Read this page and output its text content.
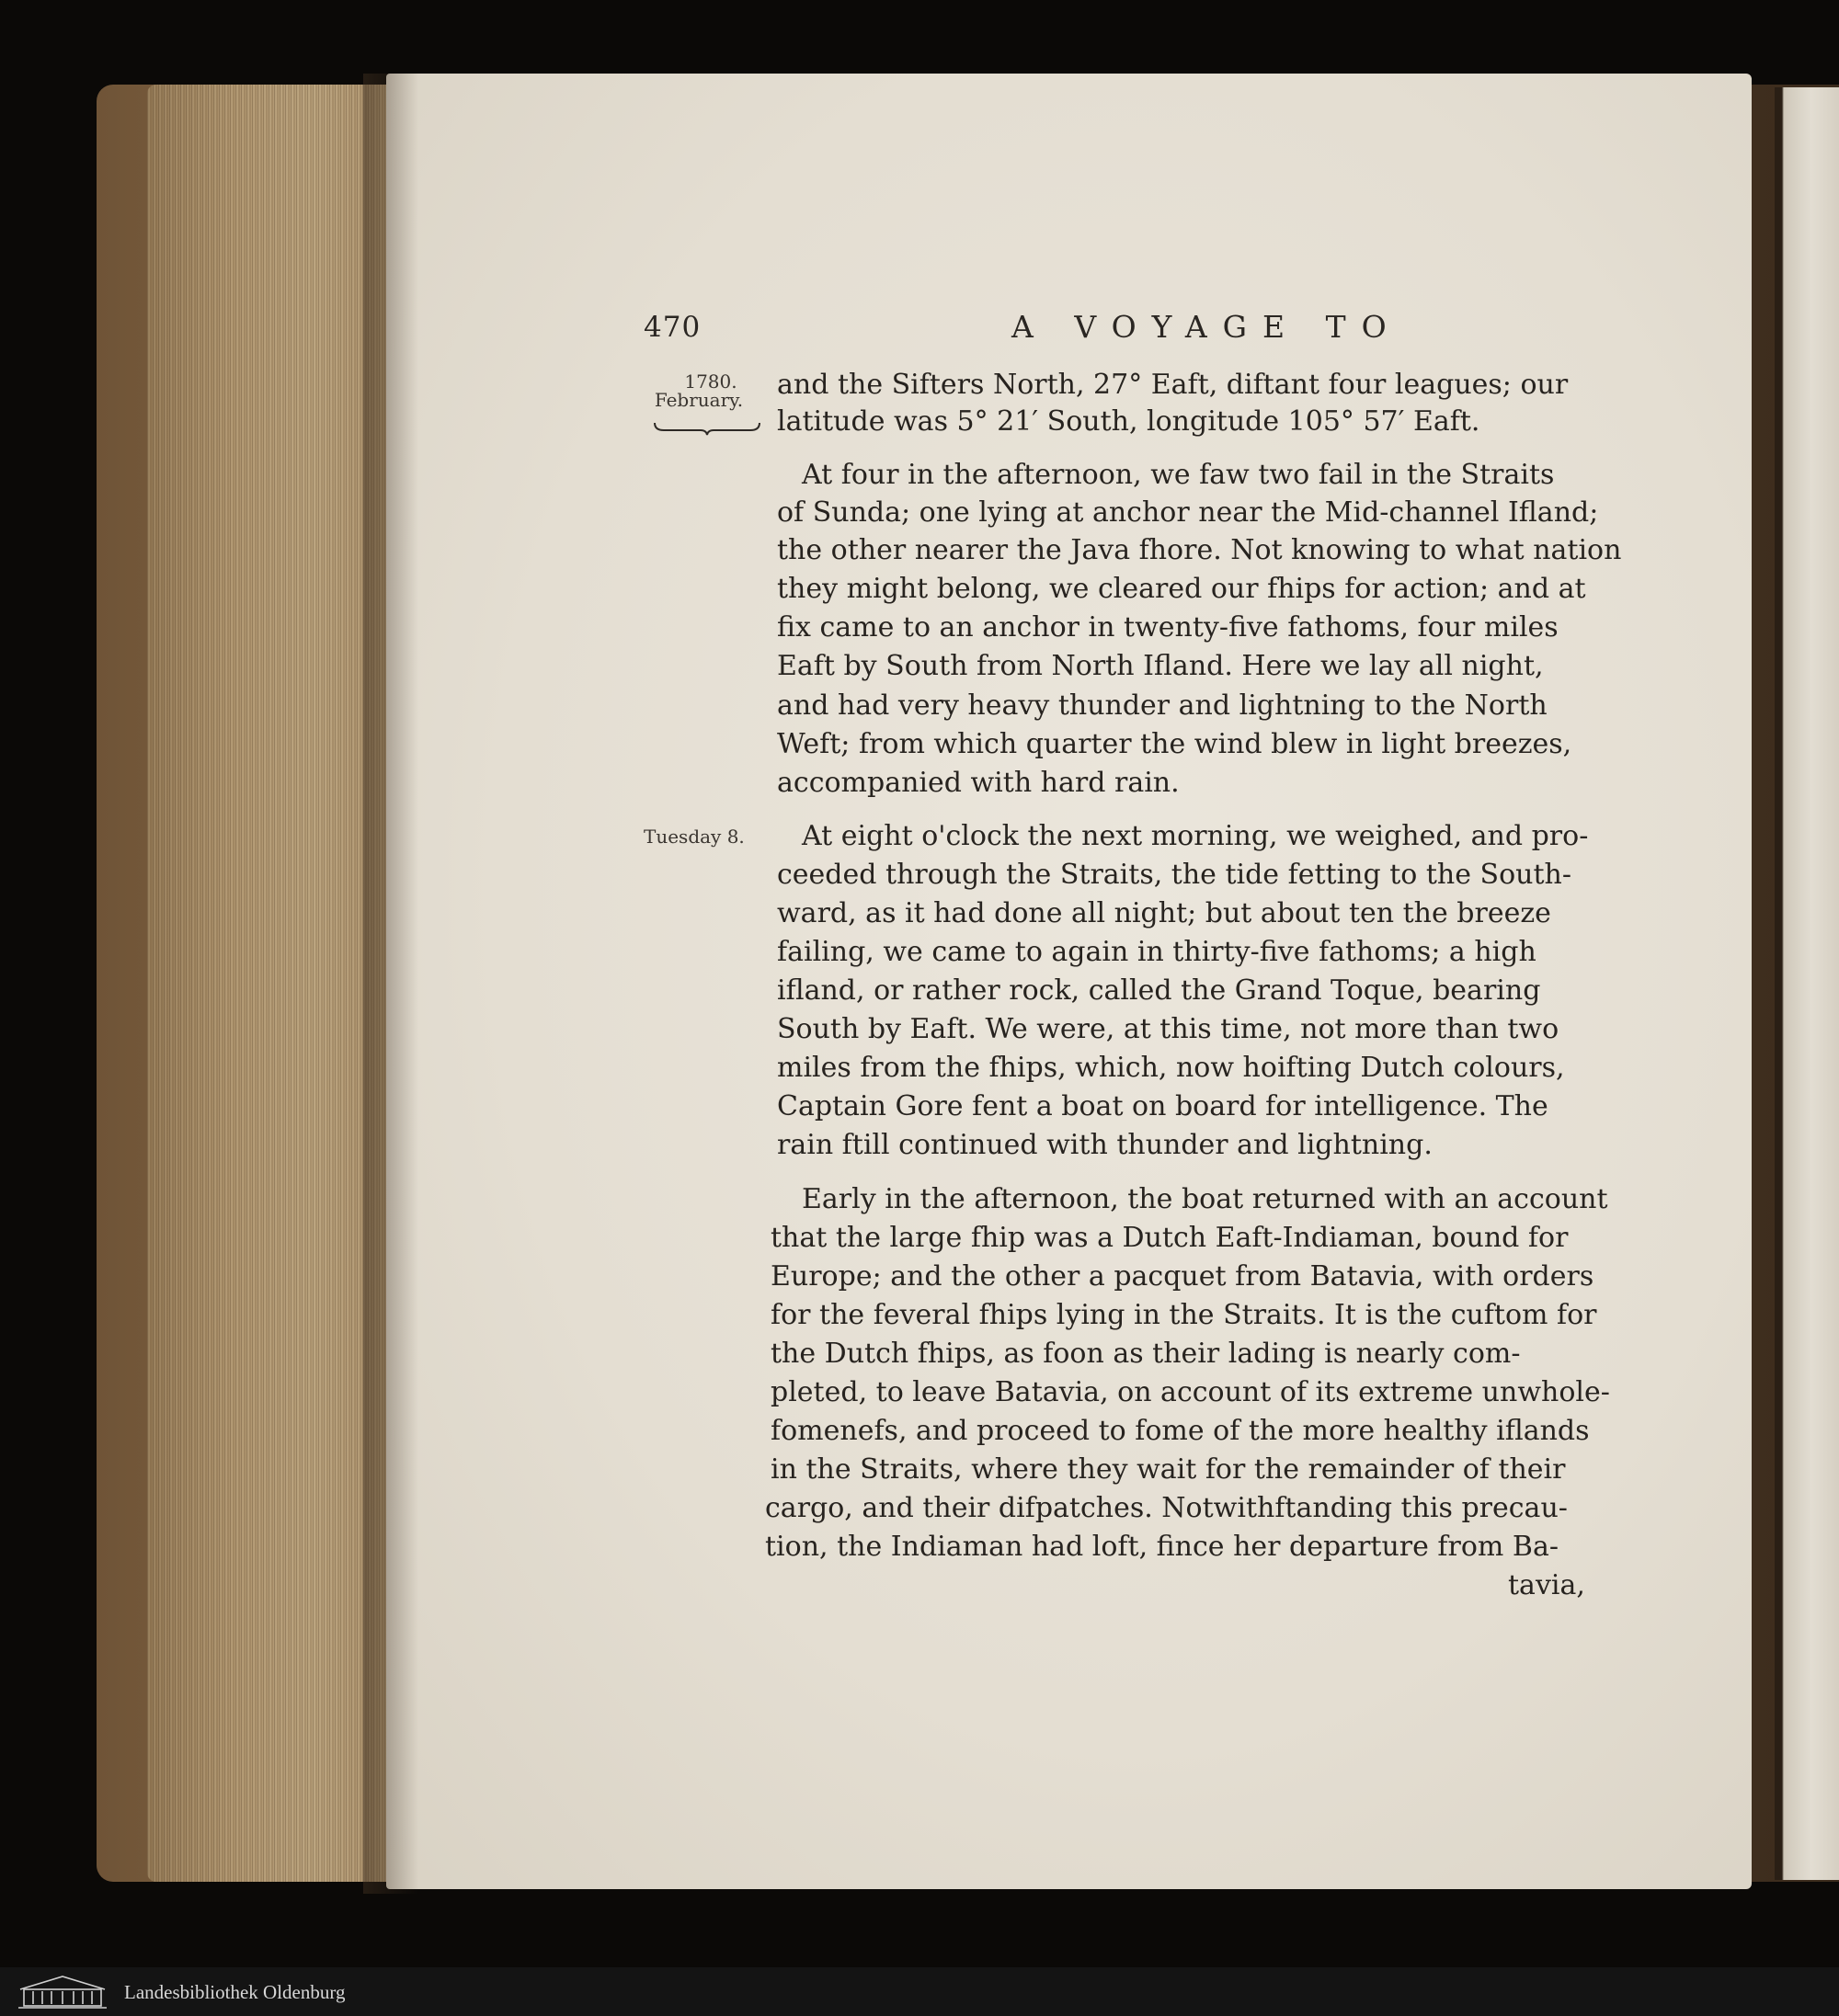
470	A VOYAGE TO
1780.
February.
Tuesday 8.
and the Sifters North, 27° Eaft, diftant four leagues; our
latitude was 5° 21′ South, longitude 105° 57′ Eaft.
At four in the afternoon, we faw two fail in the Straits
of Sunda; one lying at anchor near the Mid-channel Ifland;
the other nearer the Java fhore. Not knowing to what nation
they might belong, we cleared our fhips for action; and at
fix came to an anchor in twenty-five fathoms, four miles
Eaft by South from North Ifland. Here we lay all night,
and had very heavy thunder and lightning to the North
Weft; from which quarter the wind blew in light breezes,
accompanied with hard rain.
At eight o'clock the next morning, we weighed, and pro-
ceeded through the Straits, the tide fetting to the South-
ward, as it had done all night; but about ten the breeze
failing, we came to again in thirty-five fathoms; a high
ifland, or rather rock, called the Grand Toque, bearing
South by Eaft. We were, at this time, not more than two
miles from the fhips, which, now hoifting Dutch colours,
Captain Gore fent a boat on board for intelligence. The
rain ftill continued with thunder and lightning.
Early in the afternoon, the boat returned with an account
that the large fhip was a Dutch Eaft-Indiaman, bound for
Europe; and the other a pacquet from Batavia, with orders
for the feveral fhips lying in the Straits. It is the cuftom for
the Dutch fhips, as foon as their lading is nearly com-
pleted, to leave Batavia, on account of its extreme unwhole-
fomenefs, and proceed to fome of the more healthy iflands
in the Straits, where they wait for the remainder of their
cargo, and their difpatches. Notwithftanding this precau-
tion, the Indiaman had loft, fince her departure from Ba-
tavia,
Landesbibliothek Oldenburg
